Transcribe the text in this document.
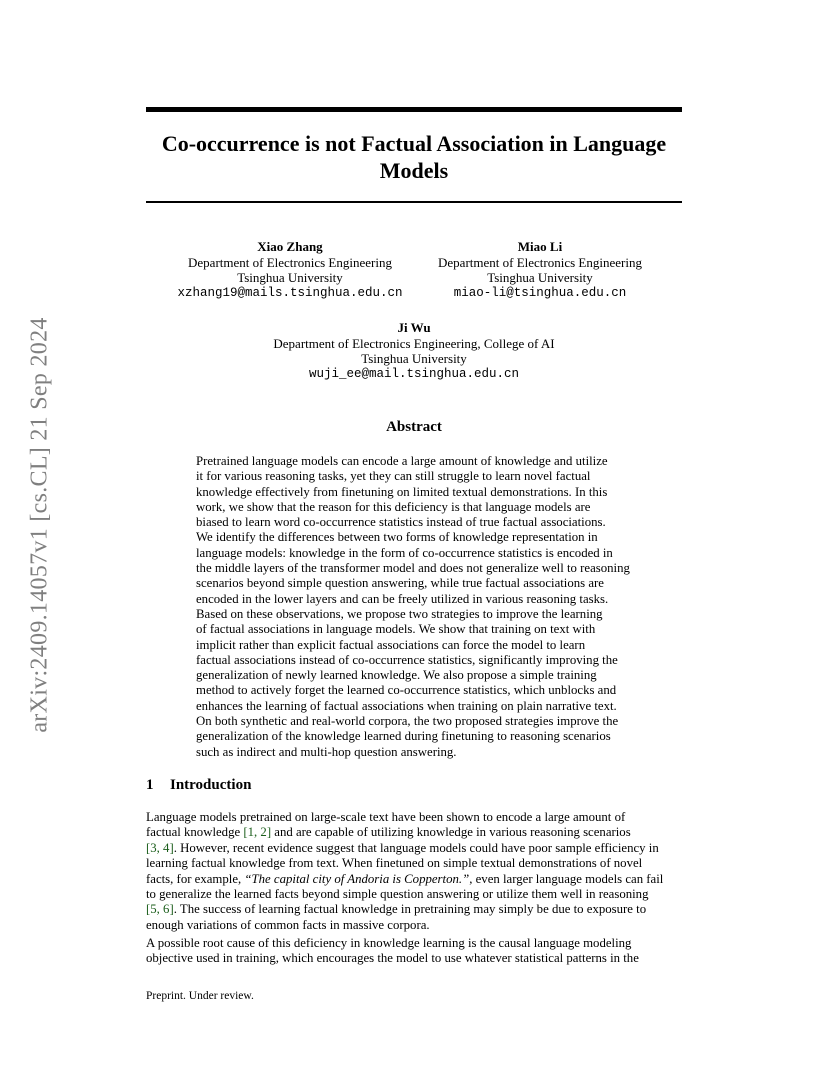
arXiv:2409.14057v1 [cs.CL] 21 Sep 2024
Co-occurrence is not Factual Association in Language
Models
Xiao Zhang
Department of Electronics Engineering
Tsinghua University
xzhang19@mails.tsinghua.edu.cn
Miao Li
Department of Electronics Engineering
Tsinghua University
miao-li@tsinghua.edu.cn
Ji Wu
Department of Electronics Engineering, College of AI
Tsinghua University
wuji_ee@mail.tsinghua.edu.cn
Abstract
Pretrained language models can encode a large amount of knowledge and utilize
it for various reasoning tasks, yet they can still struggle to learn novel factual
knowledge effectively from finetuning on limited textual demonstrations. In this
work, we show that the reason for this deficiency is that language models are
biased to learn word co-occurrence statistics instead of true factual associations.
We identify the differences between two forms of knowledge representation in
language models: knowledge in the form of co-occurrence statistics is encoded in
the middle layers of the transformer model and does not generalize well to reasoning
scenarios beyond simple question answering, while true factual associations are
encoded in the lower layers and can be freely utilized in various reasoning tasks.
Based on these observations, we propose two strategies to improve the learning
of factual associations in language models. We show that training on text with
implicit rather than explicit factual associations can force the model to learn
factual associations instead of co-occurrence statistics, significantly improving the
generalization of newly learned knowledge. We also propose a simple training
method to actively forget the learned co-occurrence statistics, which unblocks and
enhances the learning of factual associations when training on plain narrative text.
On both synthetic and real-world corpora, the two proposed strategies improve the
generalization of the knowledge learned during finetuning to reasoning scenarios
such as indirect and multi-hop question answering.
1 Introduction
Language models pretrained on large-scale text have been shown to encode a large amount of
factual knowledge [1, 2] and are capable of utilizing knowledge in various reasoning scenarios
[3, 4]. However, recent evidence suggest that language models could have poor sample efficiency in
learning factual knowledge from text. When finetuned on simple textual demonstrations of novel
facts, for example, “The capital city of Andoria is Copperton.”, even larger language models can fail
to generalize the learned facts beyond simple question answering or utilize them well in reasoning
[5, 6]. The success of learning factual knowledge in pretraining may simply be due to exposure to
enough variations of common facts in massive corpora.
A possible root cause of this deficiency in knowledge learning is the causal language modeling
objective used in training, which encourages the model to use whatever statistical patterns in the
Preprint. Under review.
